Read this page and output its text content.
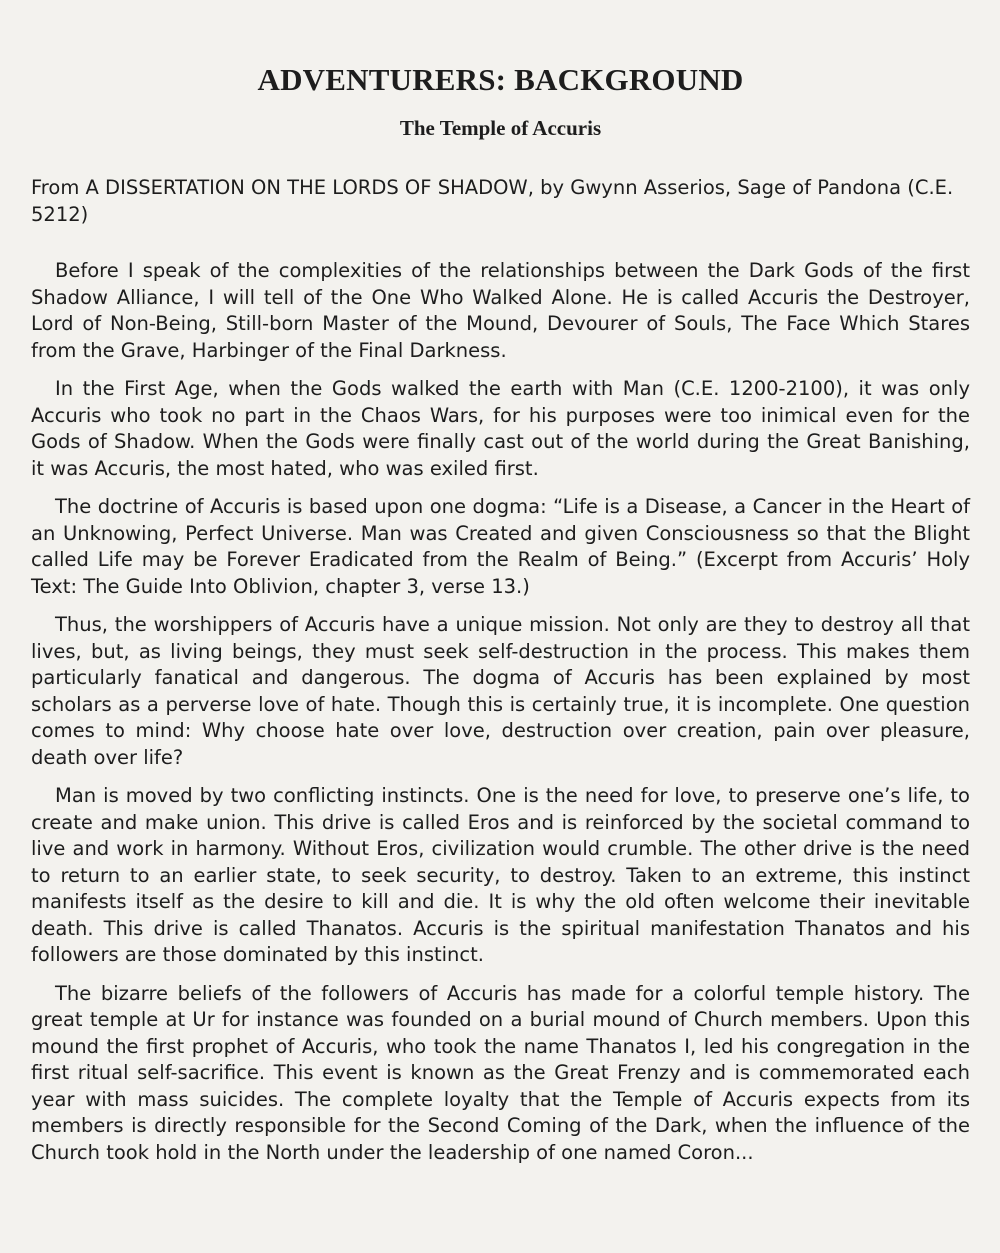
ADVENTURERS: BACKGROUND
The Temple of Accuris

From A DISSERTATION ON THE LORDS OF SHADOW, by Gwynn Asserios, Sage of Pandona (C.E. 5212)

Before I speak of the complexities of the relationships between the Dark Gods of the first Shadow Alliance, I will tell of the One Who Walked Alone. He is called Accuris the Destroyer, Lord of Non-Being, Still-born Master of the Mound, Devourer of Souls, The Face Which Stares from the Grave, Harbinger of the Final Darkness.

In the First Age, when the Gods walked the earth with Man (C.E. 1200-2100), it was only Accuris who took no part in the Chaos Wars, for his purposes were too inimical even for the Gods of Shadow. When the Gods were finally cast out of the world during the Great Banishing, it was Accuris, the most hated, who was exiled first.

The doctrine of Accuris is based upon one dogma: “Life is a Disease, a Cancer in the Heart of an Unknowing, Perfect Universe. Man was Created and given Consciousness so that the Blight called Life may be Forever Eradicated from the Realm of Being.” (Excerpt from Accuris’ Holy Text: The Guide Into Oblivion, chapter 3, verse 13.)

Thus, the worshippers of Accuris have a unique mission. Not only are they to destroy all that lives, but, as living beings, they must seek self-destruction in the process. This makes them particularly fanatical and dangerous. The dogma of Accuris has been explained by most scholars as a perverse love of hate. Though this is certainly true, it is incomplete. One question comes to mind: Why choose hate over love, destruction over creation, pain over pleasure, death over life?

Man is moved by two conflicting instincts. One is the need for love, to preserve one’s life, to create and make union. This drive is called Eros and is reinforced by the societal command to live and work in harmony. Without Eros, civilization would crumble. The other drive is the need to return to an earlier state, to seek security, to destroy. Taken to an extreme, this instinct manifests itself as the desire to kill and die. It is why the old often welcome their inevitable death. This drive is called Thanatos. Accuris is the spiritual manifestation Thanatos and his followers are those dominated by this instinct.

The bizarre beliefs of the followers of Accuris has made for a colorful temple history. The great temple at Ur for instance was founded on a burial mound of Church members. Upon this mound the first prophet of Accuris, who took the name Thanatos I, led his congregation in the first ritual self-sacrifice. This event is known as the Great Frenzy and is commemorated each year with mass suicides. The complete loyalty that the Temple of Accuris expects from its members is directly responsible for the Second Coming of the Dark, when the influence of the Church took hold in the North under the leadership of one named Coron...
